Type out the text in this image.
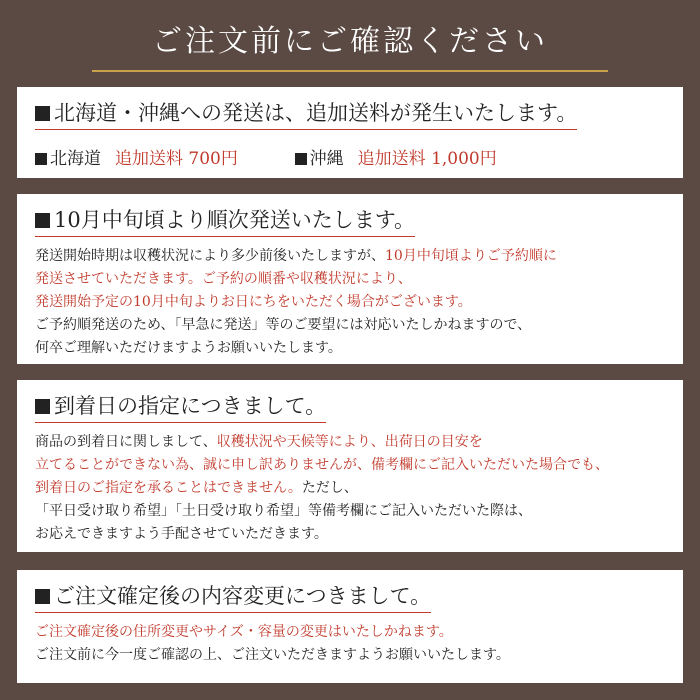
ご注文前にご確認ください
北海道・沖縄への発送は、追加送料が発生いたします。
北海道 追加送料 700円	沖縄 追加送料 1,000円
10月中旬頃より順次発送いたします。
発送開始時期は収穫状況により多少前後いたしますが、10月中旬頃よりご予約順に
発送させていただきます。ご予約の順番や収穫状況により、
発送開始予定の10月中旬よりお日にちをいただく場合がございます。
ご予約順発送のため、「早急に発送」等のご要望には対応いたしかねますので、
何卒ご理解いただけますようお願いいたします。
到着日の指定につきまして。
商品の到着日に関しまして、収穫状況や天候等により、出荷日の目安を
立てることができない為、誠に申し訳ありませんが、備考欄にご記入いただいた場合でも、
到着日のご指定を承ることはできません。ただし、
「平日受け取り希望」「土日受け取り希望」等備考欄にご記入いただいた際は、
お応えできますよう手配させていただきます。
ご注文確定後の内容変更につきまして。
ご注文確定後の住所変更やサイズ・容量の変更はいたしかねます。
ご注文前に今一度ご確認の上、ご注文いただきますようお願いいたします。
